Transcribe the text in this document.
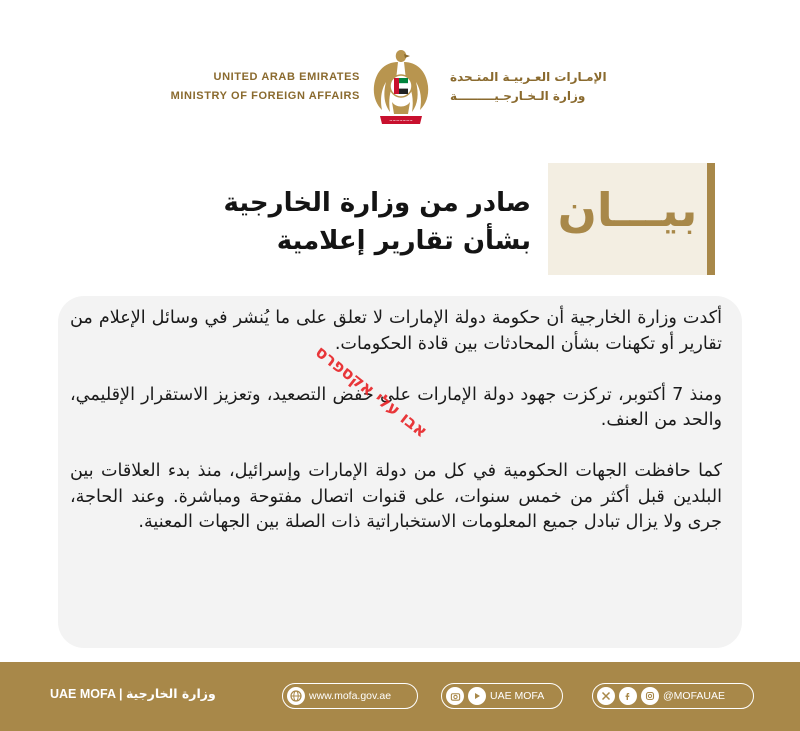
UNITED ARAB EMIRATES
MINISTRY OF FOREIGN AFFAIRS
~~~~~~~
الإمـارات العـربيـة المتـحدة
وزارة الـخـارجـيـــــــــة
بيـــان
صادر من وزارة الخارجية بشأن تقارير إعلامية

أكدت وزارة الخارجية أن حكومة دولة الإمارات لا تعلق على ما يُنشر في وسائل الإعلام من تقارير أو تكهنات بشأن المحادثات بين قادة الحكومات.

ومنذ 7 أكتوبر، تركزت جهود دولة الإمارات على خفض التصعيد، وتعزيز الاستقرار الإقليمي، والحد من العنف.

كما حافظت الجهات الحكومية في كل من دولة الإمارات وإسرائيل، منذ بدء العلاقات بين البلدين قبل أكثر من خمس سنوات، على قنوات اتصال مفتوحة ومباشرة. وعند الحاجة، جرى ولا يزال تبادل جميع المعلومات الاستخباراتية ذات الصلة بين الجهات المعنية.

אבו עלי אקספרס
UAE MOFA | وزارة الخارجية	www.mofa.gov.ae	UAE MOFA	@MOFAUAE
